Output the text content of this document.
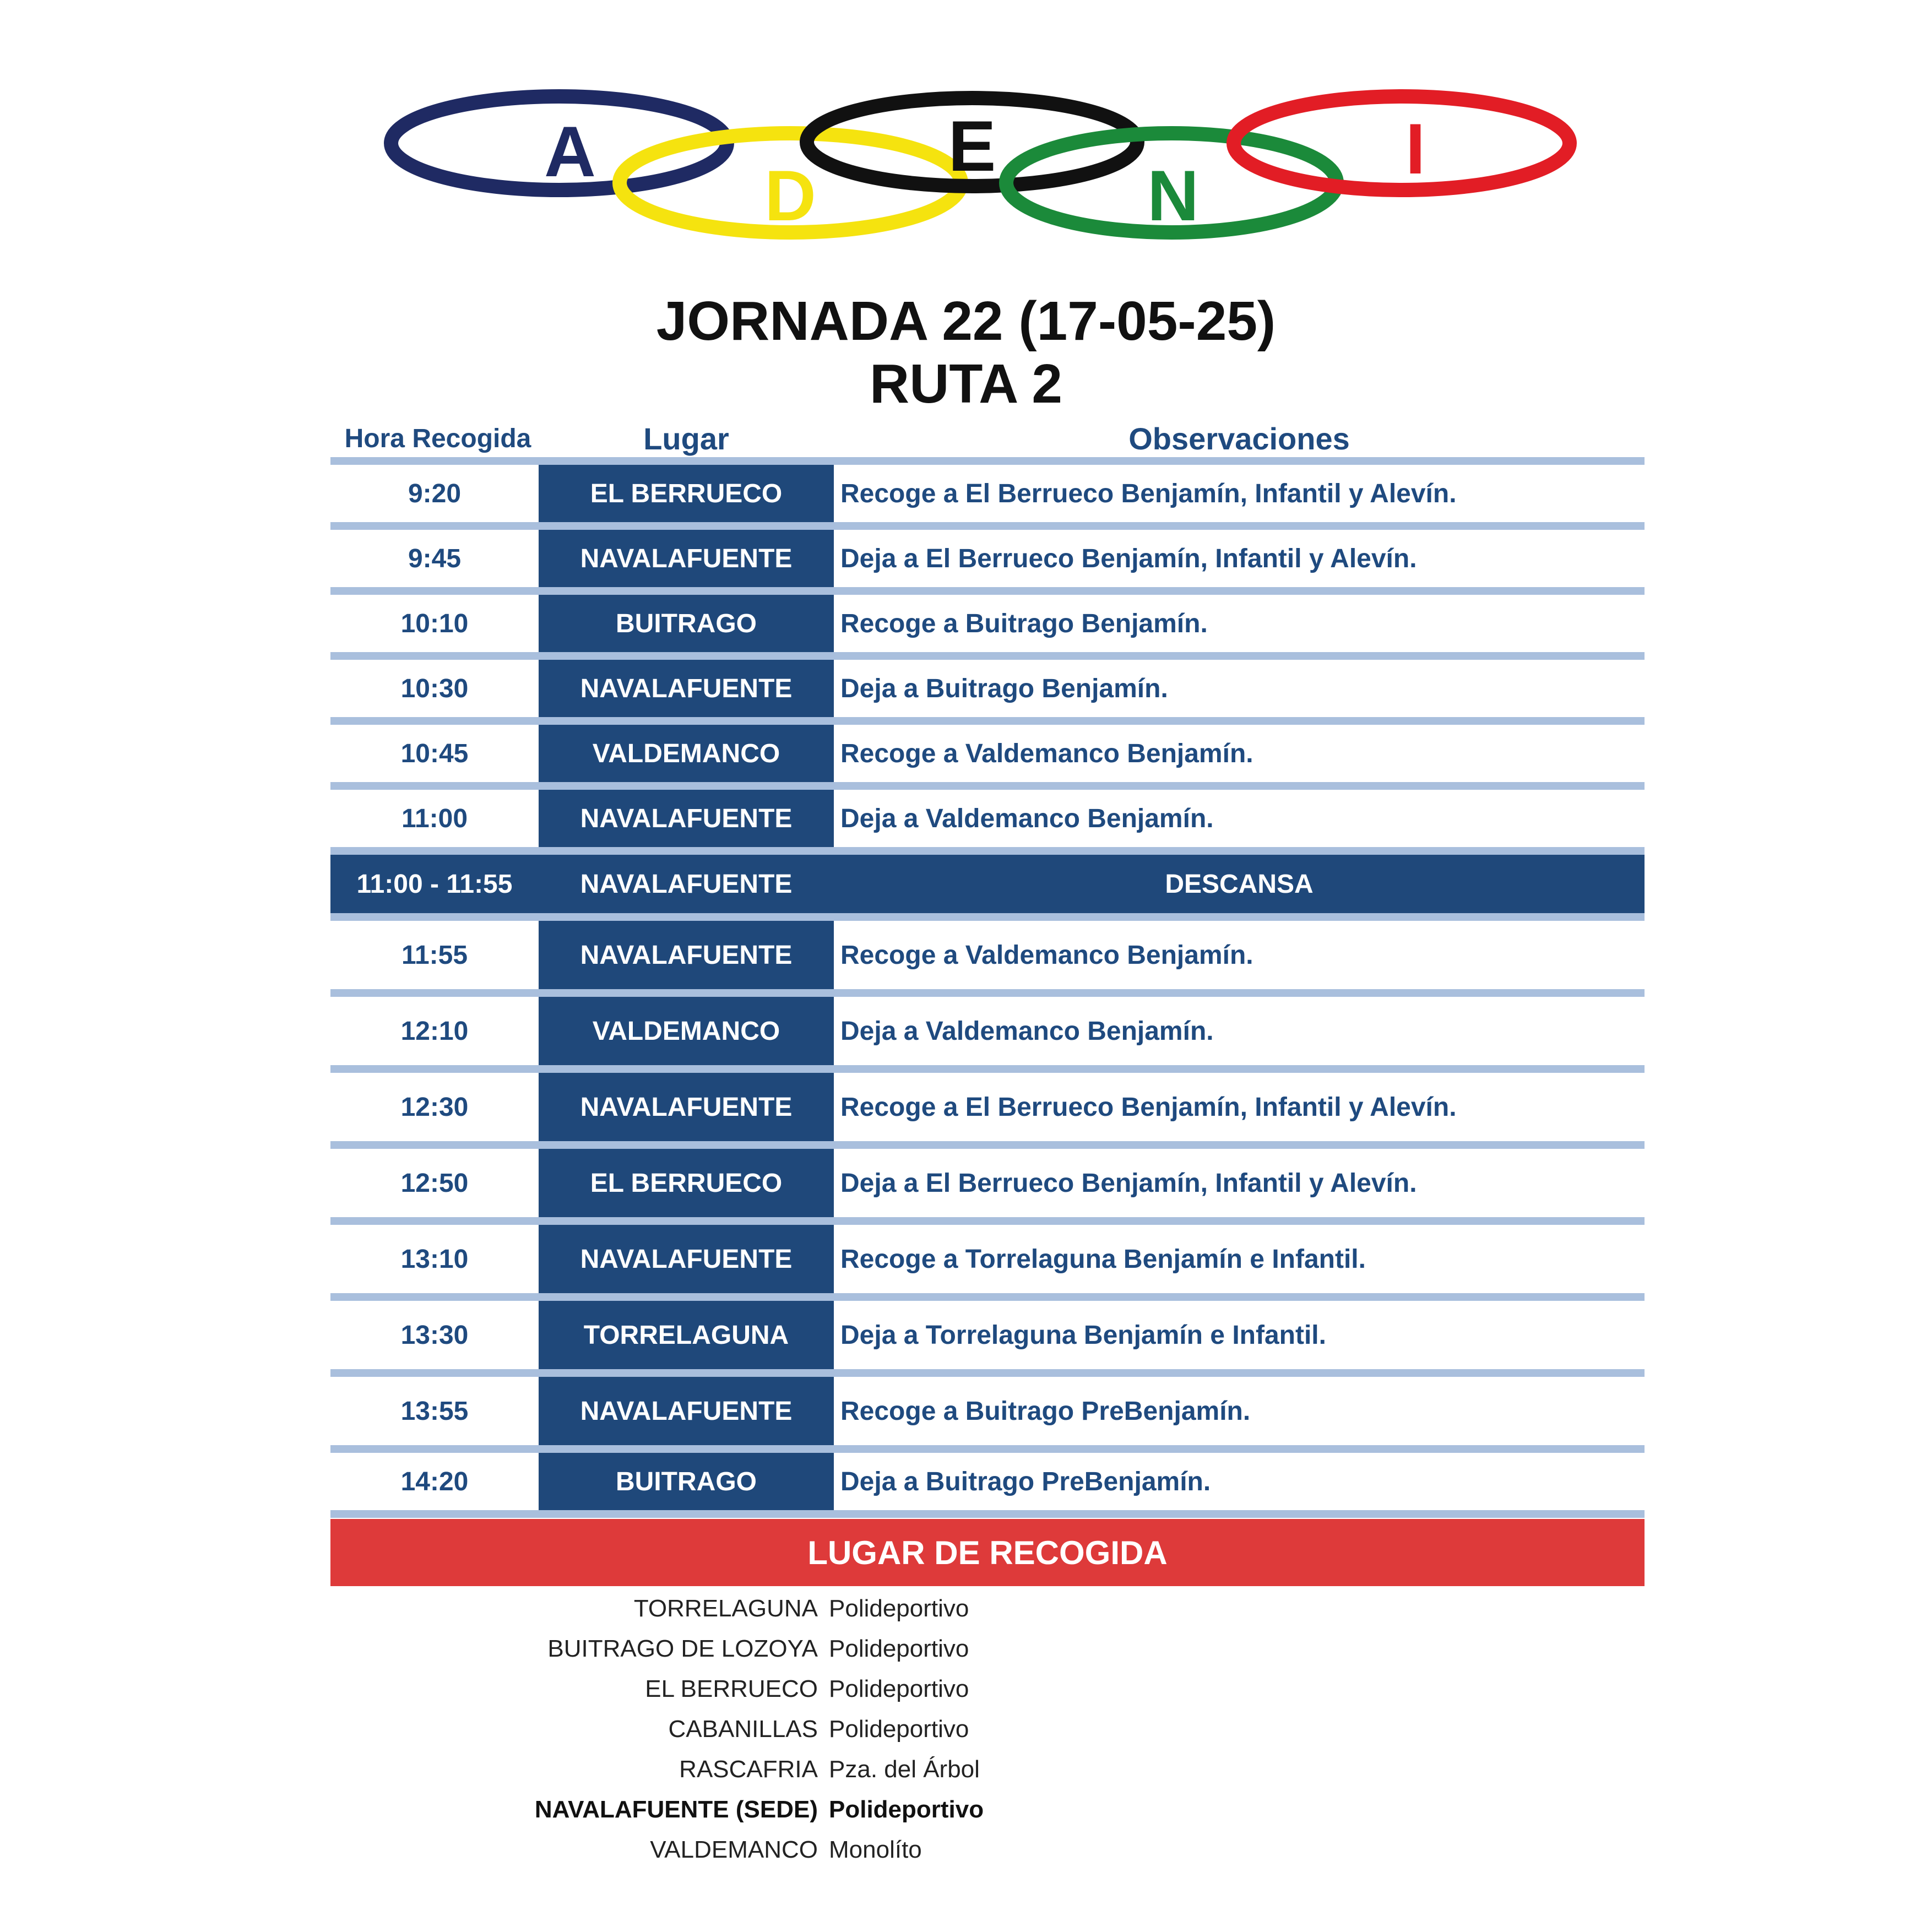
A
D
E
N
I
JORNADA 22 (17-05-25)
RUTA 2
Hora Recogida	Lugar	Observaciones
9:20	EL BERRUECO	Recoge a El Berrueco Benjamín, Infantil y Alevín.
9:45	NAVALAFUENTE	Deja a El Berrueco Benjamín, Infantil y Alevín.
10:10	BUITRAGO	Recoge a Buitrago Benjamín.
10:30	NAVALAFUENTE	Deja a Buitrago Benjamín.
10:45	VALDEMANCO	Recoge a Valdemanco Benjamín.
11:00	NAVALAFUENTE	Deja a Valdemanco Benjamín.
11:00 - 11:55	NAVALAFUENTE	DESCANSA
11:55	NAVALAFUENTE	Recoge a Valdemanco Benjamín.
12:10	VALDEMANCO	Deja a Valdemanco Benjamín.
12:30	NAVALAFUENTE	Recoge a El Berrueco Benjamín, Infantil y Alevín.
12:50	EL BERRUECO	Deja a El Berrueco Benjamín, Infantil y Alevín.
13:10	NAVALAFUENTE	Recoge a Torrelaguna Benjamín e Infantil.
13:30	TORRELAGUNA	Deja a Torrelaguna Benjamín e Infantil.
13:55	NAVALAFUENTE	Recoge a Buitrago PreBenjamín.
14:20	BUITRAGO	Deja a Buitrago PreBenjamín.
LUGAR DE RECOGIDA
TORRELAGUNA Polideportivo
BUITRAGO DE LOZOYA Polideportivo
EL BERRUECO Polideportivo
CABANILLAS Polideportivo
RASCAFRIA Pza. del Árbol
NAVALAFUENTE (SEDE) Polideportivo
VALDEMANCO Monolíto
